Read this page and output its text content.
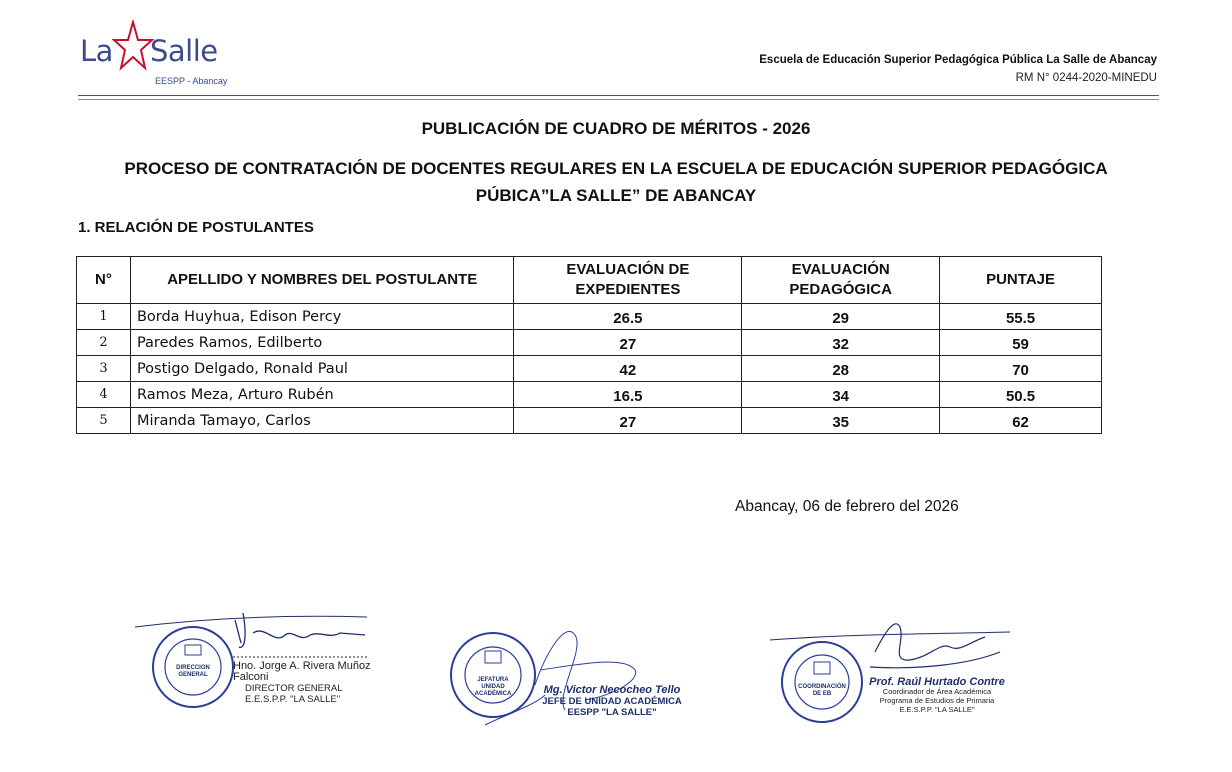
La Salle
EESPP - Abancay
Escuela de Educación Superior Pedagógica Pública La Salle de Abancay
RM N° 0244-2020-MINEDU
PUBLICACIÓN DE CUADRO DE MÉRITOS - 2026
PROCESO DE CONTRATACIÓN DE DOCENTES REGULARES EN LA ESCUELA DE EDUCACIÓN SUPERIOR PEDAGÓGICA
PÚBICA”LA SALLE” DE ABANCAY
1. RELACIÓN DE POSTULANTES
N°	APELLIDO Y NOMBRES DEL POSTULANTE	EVALUACIÓN DE EXPEDIENTES	EVALUACIÓN PEDAGÓGICA	PUNTAJE
1	Borda Huyhua, Edison Percy	26.5	29	55.5
2	Paredes Ramos, Edilberto	27	32	59
3	Postigo Delgado, Ronald Paul	42	28	70
4	Ramos Meza, Arturo Rubén	16.5	34	50.5
5	Miranda Tamayo, Carlos	27	35	62
Abancay, 06 de febrero del 2026
DIRECCION GENERAL
Hno. Jorge A. Rivera Muñoz Falconi
DIRECTOR GENERAL
E.E.S.P.P. "LA SALLE"
JEFATURA UNIDAD ACADÉMICA	Mg. Victor Necocheo Tello
JEFE DE UNIDAD ACADÉMICA
EESPP "LA SALLE"
COORDINACIÓN DE EB
Prof. Raúl Hurtado Contre
Coordinador de Área Académica
Programa de Estudios de Primaria
E.E.S.P.P. "LA SALLE"
